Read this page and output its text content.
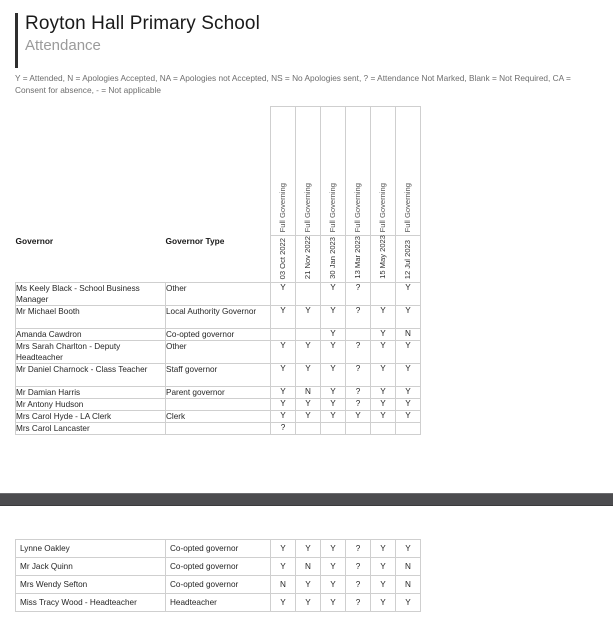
Royton Hall Primary School
Attendance
Y = Attended, N = Apologies Accepted, NA = Apologies not Accepted, NS = No Apologies sent, ? = Attendance Not Marked, Blank = Not Required, CA = Consent for absence, - = Not applicable

		Full Governing	Full Governing	Full Governing	Full Governing	Full Governing	Full Governing

Governor	Governor Type	03 Oct 2022	21 Nov 2022	30 Jan 2023	13 Mar 2023	15 May 2023	12 Jul 2023

Ms Keely Black - School Business Manager	Other	Y		Y	?		Y
Mr Michael Booth	Local Authority Governor	Y	Y	Y	?	Y	Y
Amanda Cawdron	Co-opted governor			Y		Y	N
Mrs Sarah Charlton - Deputy Headteacher	Other	Y	Y	Y	?	Y	Y
Mr Daniel Charnock - Class Teacher	Staff governor	Y	Y	Y	?	Y	Y
Mr Damian Harris	Parent governor	Y	N	Y	?	Y	Y
Mr Antony Hudson		Y	Y	Y	?	Y	Y
Mrs Carol Hyde - LA Clerk	Clerk	Y	Y	Y	Y	Y	Y
Mrs Carol Lancaster		?					
Lynne Oakley	Co-opted governor	Y	Y	Y	?	Y	Y
Mr Jack Quinn	Co-opted governor	Y	N	Y	?	Y	N
Mrs Wendy Sefton	Co-opted governor	N	Y	Y	?	Y	N
Miss Tracy Wood - Headteacher	Headteacher	Y	Y	Y	?	Y	Y
